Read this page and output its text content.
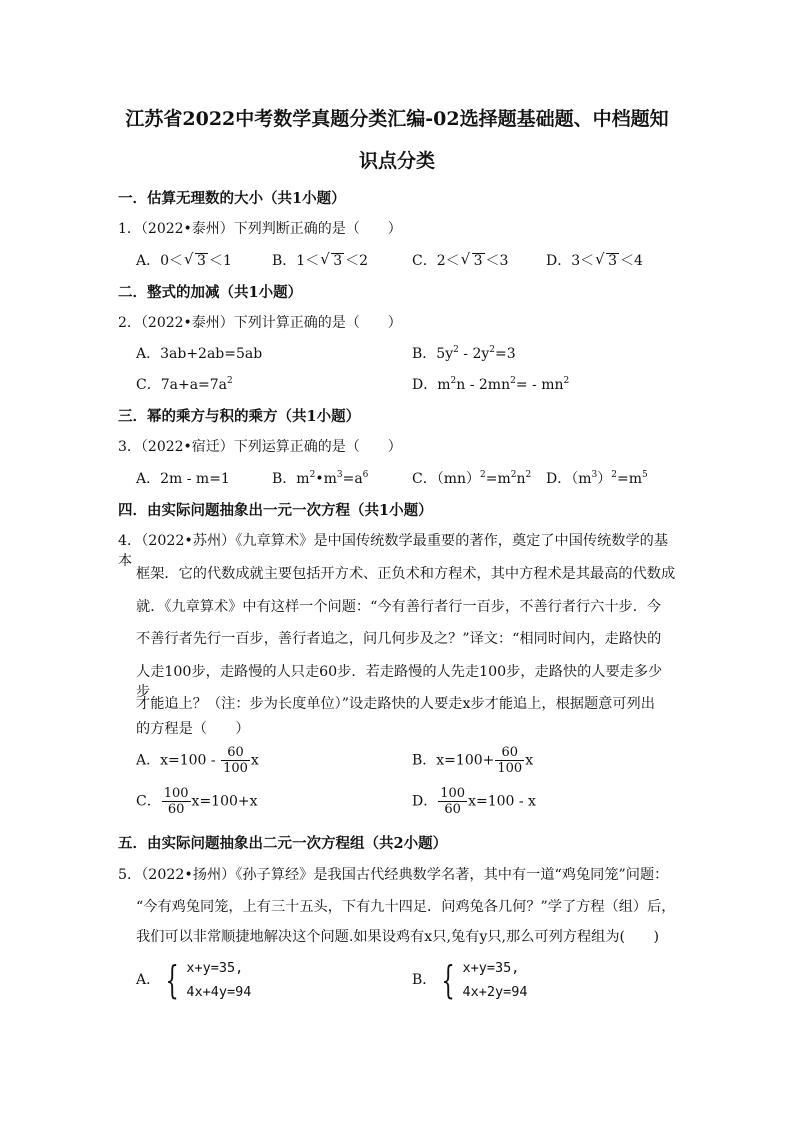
江苏省2022中考数学真题分类汇编-02选择题基础题、中档题知
识点分类
一．估算无理数的大小（共1小题）
1．（2022•泰州）下列判断正确的是（　　）
A．0＜ √ 3 ＜1	B．1＜ √ 3 ＜2	C．2＜ √ 3 ＜3	D．3＜ √ 3 ＜4
二．整式的加减（共1小题）
2．（2022•泰州）下列计算正确的是（　　）
A．3ab+2ab=5ab	B．$5y^2 - 2y^2=3$
C．$7a+a=7a^2$	D．$m^2n - 2mn^2= - mn^2$
三．幂的乘方与积的乘方（共1小题）
3．（2022•宿迁）下列运算正确的是（　　）
A．2m - m=1	B．$m^2•m^3=a^6$	C．$(mn)^2=m^2n^2$ D．$(m^3)^2=m^5$
四．由实际问题抽象出一元一次方程（共1小题）
4．（2022•苏州）《九章算术》是中国传统数学最重要的著作，奠定了中国传统数学的基本
框架．它的代数成就主要包括开方术、正负术和方程术，其中方程术是其最高的代数成
就．《九章算术》中有这样一个问题：“今有善行者行一百步，不善行者行六十步．今
不善行者先行一百步，善行者追之，问几何步及之？”译文：“相同时间内，走路快的
人走100步，走路慢的人只走60步．若走路慢的人先走100步，走路快的人要走多少步
才能追上？（注：步为长度单位）”设走路快的人要走x步才能追上，根据题意可列出
的方程是（　　）
A．$x=100 - \frac{60}{100}$ x	B．$x=100+ \frac{60}{100}$ x
C． $\frac{100}{60} x=100+x$	D． $\frac{100}{60} x=100 - x$
五．由实际问题抽象出二元一次方程组（共2小题）
5．（2022•扬州）《孙子算经》是我国古代经典数学名著，其中有一道“鸡兔同笼”问题：
“今有鸡兔同笼，上有三十五头，下有九十四足．问鸡兔各几何？”学了方程（组）后，
我们可以非常顺捷地解决这个问题.如果设鸡有x只,兔有y只,那么可列方程组为(　　)
A． { x+y=35,
4x+4y=94
B． { x+y=35,
4x+2y=94
